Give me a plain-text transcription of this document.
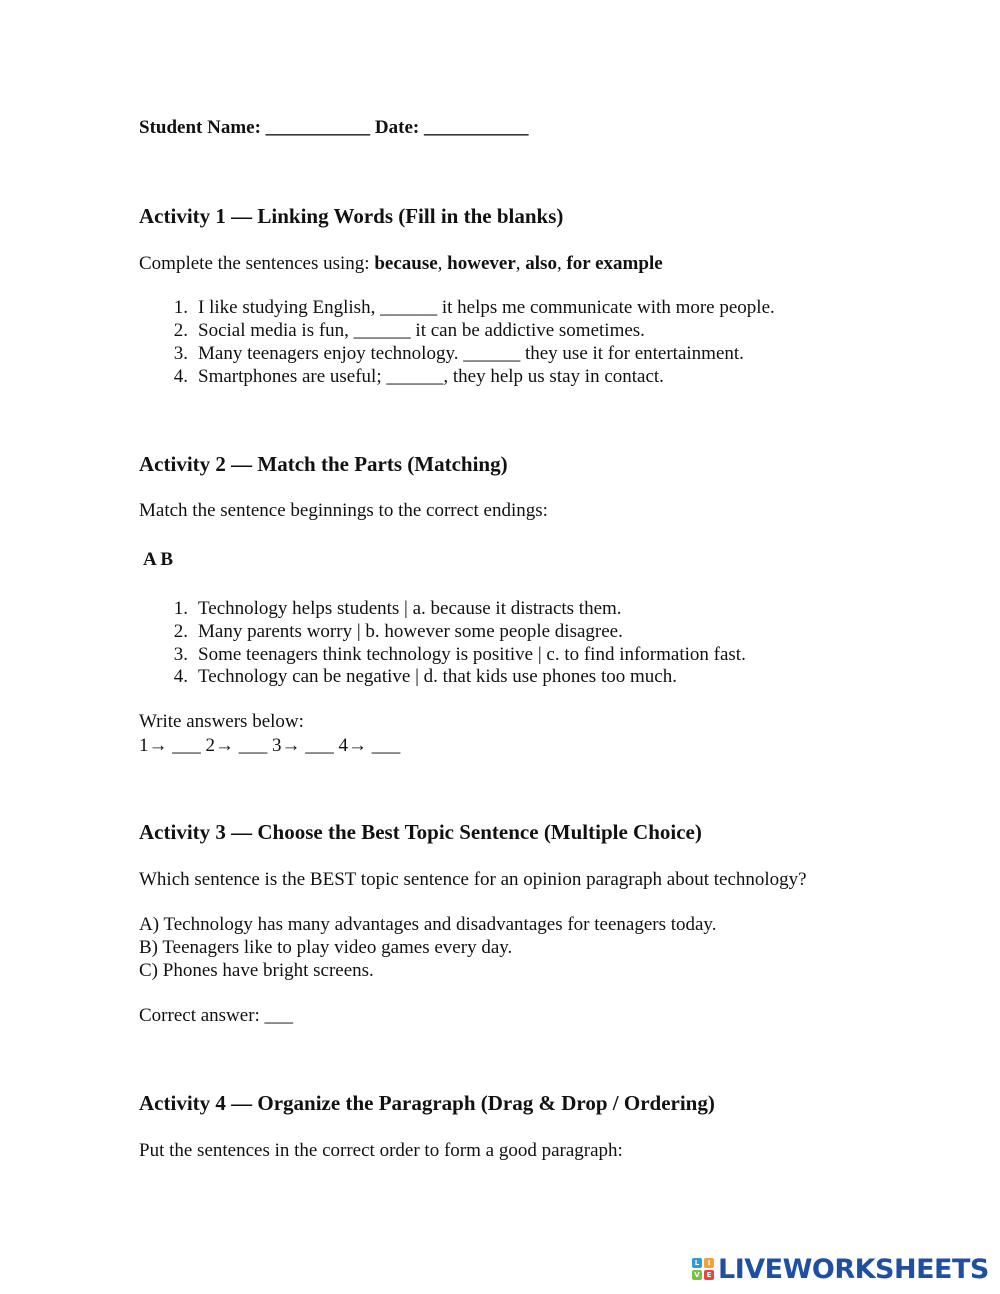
Student Name: ___________ Date: ___________
Activity 1 — Linking Words (Fill in the blanks)
Complete the sentences using: because, however, also, for example
1. I like studying English, ______ it helps me communicate with more people.
2. Social media is fun, ______ it can be addictive sometimes.
3. Many teenagers enjoy technology. ______ they use it for entertainment.
4. Smartphones are useful; ______, they help us stay in contact.
Activity 2 — Match the Parts (Matching)
Match the sentence beginnings to the correct endings:
A B
1. Technology helps students | a. because it distracts them.
2. Many parents worry | b. however some people disagree.
3. Some teenagers think technology is positive | c. to find information fast.
4. Technology can be negative | d. that kids use phones too much.
Write answers below:
1→ ___ 2→ ___ 3→ ___ 4→ ___
Activity 3 — Choose the Best Topic Sentence (Multiple Choice)
Which sentence is the BEST topic sentence for an opinion paragraph about technology?
A) Technology has many advantages and disadvantages for teenagers today.
B) Teenagers like to play video games every day.
C) Phones have bright screens.
Correct answer: ___
Activity 4 — Organize the Paragraph (Drag & Drop / Ordering)
Put the sentences in the correct order to form a good paragraph:
L	I
V E LIVEWORKSHEETS
